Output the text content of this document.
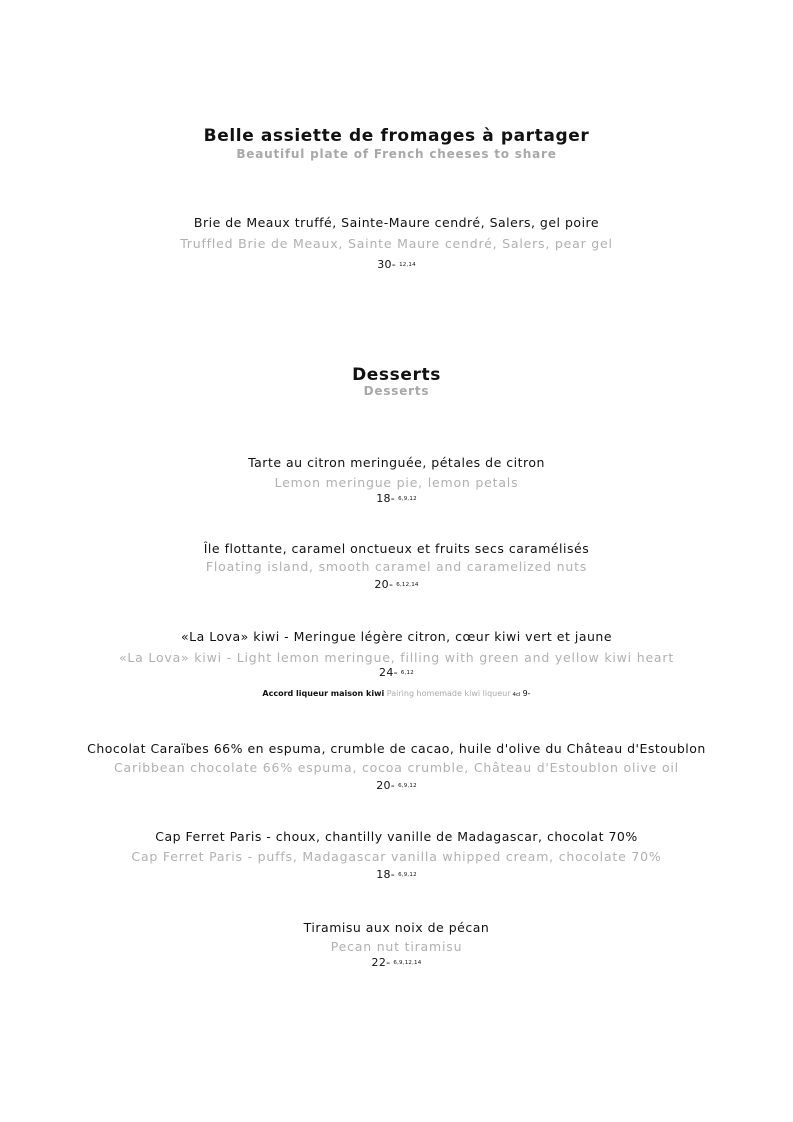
Belle assiette de fromages à partager
Beautiful plate of French cheeses to share
Brie de Meaux truffé, Sainte-Maure cendré, Salers, gel poire
Truffled Brie de Meaux, Sainte Maure cendré, Salers, pear gel
30- 12,14
Desserts
Desserts
Tarte au citron meringuée, pétales de citron
Lemon meringue pie, lemon petals
18- 6,9,12
Île flottante, caramel onctueux et fruits secs caramélisés
Floating island, smooth caramel and caramelized nuts
20- 6,12,14
«La Lova» kiwi - Meringue légère citron, cœur kiwi vert et jaune
«La Lova» kiwi - Light lemon meringue, filling with green and yellow kiwi heart
24- 6,12
Accord liqueur maison kiwi Pairing homemade kiwi liqueur 4cl 9-
Chocolat Caraïbes 66% en espuma, crumble de cacao, huile d'olive du Château d'Estoublon
Caribbean chocolate 66% espuma, cocoa crumble, Château d'Estoublon olive oil
20- 6,9,12
Cap Ferret Paris - choux, chantilly vanille de Madagascar, chocolat 70%
Cap Ferret Paris - puffs, Madagascar vanilla whipped cream, chocolate 70%
18- 6,9,12
Tiramisu aux noix de pécan
Pecan nut tiramisu
22- 6,9,12,14
